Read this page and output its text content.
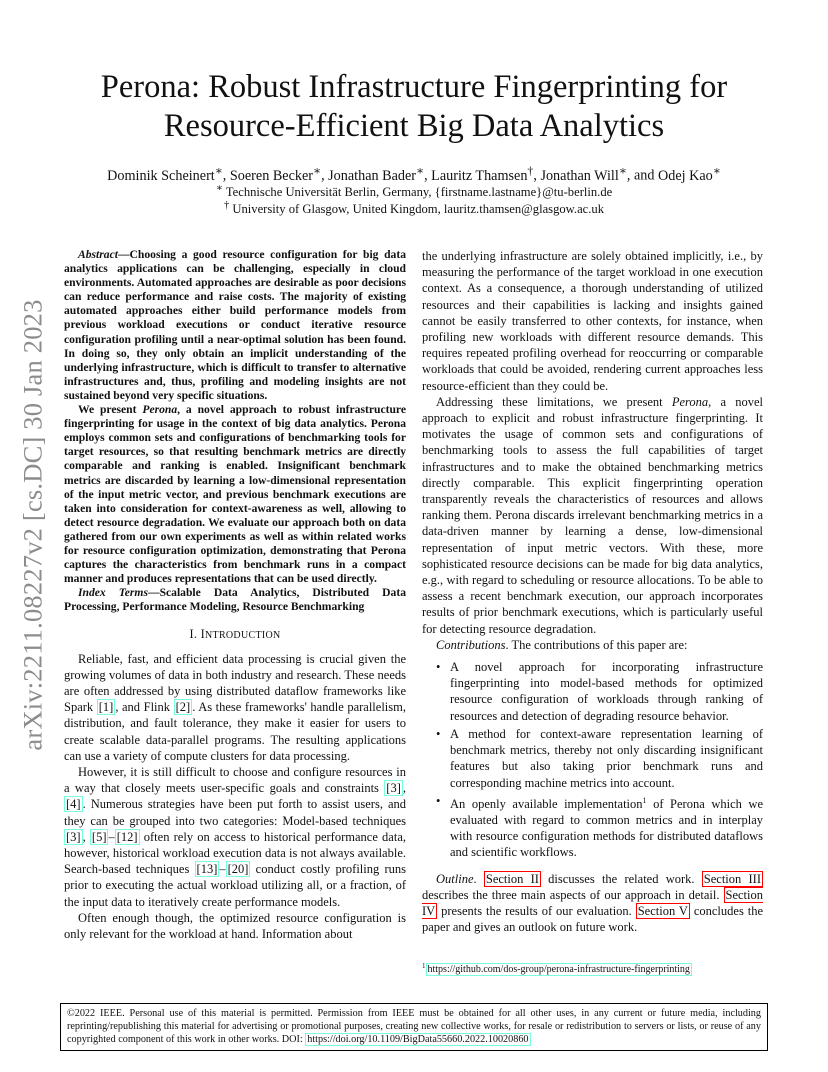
arXiv:2211.08227v2 [cs.DC] 30 Jan 2023
Perona: Robust Infrastructure Fingerprinting for
Resource-Efficient Big Data Analytics
Dominik Scheinert∗, Soeren Becker∗, Jonathan Bader∗, Lauritz Thamsen†, Jonathan Will∗, and Odej Kao∗
∗ Technische Universität Berlin, Germany, {firstname.lastname}@tu-berlin.de
† University of Glasgow, United Kingdom, lauritz.thamsen@glasgow.ac.uk

Abstract—Choosing a good resource configuration for big data analytics applications can be challenging, especially in cloud environments. Automated approaches are desirable as poor decisions can reduce performance and raise costs. The majority of existing automated approaches either build performance models from previous workload executions or conduct iterative resource configuration profiling until a near-optimal solution has been found. In doing so, they only obtain an implicit understanding of the underlying infrastructure, which is difficult to transfer to alternative infrastructures and, thus, profiling and modeling insights are not sustained beyond very specific situations.

We present Perona, a novel approach to robust infrastructure fingerprinting for usage in the context of big data analytics. Perona employs common sets and configurations of benchmarking tools for target resources, so that resulting benchmark metrics are directly comparable and ranking is enabled. Insignificant benchmark metrics are discarded by learning a low-dimensional representation of the input metric vector, and previous benchmark executions are taken into consideration for context-awareness as well, allowing to detect resource degradation. We evaluate our approach both on data gathered from our own experiments as well as within related works for resource configuration optimization, demonstrating that Perona captures the characteristics from benchmark runs in a compact manner and produces representations that can be used directly.

Index Terms—Scalable Data Analytics, Distributed Data Processing, Performance Modeling, Resource Benchmarking

I. INTRODUCTION

Reliable, fast, and efficient data processing is crucial given the growing volumes of data in both industry and research. These needs are often addressed by using distributed dataflow frameworks like Spark [1] , and Flink [2] . As these frameworks' handle parallelism, distribution, and fault tolerance, they make it easier for users to create scalable data-parallel programs. The resulting applications can use a variety of compute clusters for data processing.

However, it is still difficult to choose and configure resources in a way that closely meets user-specific goals and constraints [3] , [4] . Numerous strategies have been put forth to assist users, and they can be grouped into two categories: Model-based techniques [3] , [5] – [12] often rely on access to historical performance data, however, historical workload execution data is not always available. Search-based techniques [13] – [20] conduct costly profiling runs prior to executing the actual workload utilizing all, or a fraction, of the input data to iteratively create performance models.

Often enough though, the optimized resource configuration is only relevant for the workload at hand. Information about

the underlying infrastructure are solely obtained implicitly, i.e., by measuring the performance of the target workload in one execution context. As a consequence, a thorough understanding of utilized resources and their capabilities is lacking and insights gained cannot be easily transferred to other contexts, for instance, when profiling new workloads with different resource demands. This requires repeated profiling overhead for reoccurring or comparable workloads that could be avoided, rendering current approaches less resource-efficient than they could be.

Addressing these limitations, we present Perona, a novel approach to explicit and robust infrastructure fingerprinting. It motivates the usage of common sets and configurations of benchmarking tools to assess the full capabilities of target infrastructures and to make the obtained benchmarking metrics directly comparable. This explicit fingerprinting operation transparently reveals the characteristics of resources and allows ranking them. Perona discards irrelevant benchmarking metrics in a data-driven manner by learning a dense, low-dimensional representation of input metric vectors. With these, more sophisticated resource decisions can be made for big data analytics, e.g., with regard to scheduling or resource allocations. To be able to assess a recent benchmark execution, our approach incorporates results of prior benchmark executions, which is particularly useful for detecting resource degradation.

Contributions. The contributions of this paper are:

• A novel approach for incorporating infrastructure fingerprinting into model-based methods for optimized resource configuration of workloads through ranking of resources and detection of degrading resource behavior.
• A method for context-aware representation learning of benchmark metrics, thereby not only discarding insignificant features but also taking prior benchmark runs and corresponding machine metrics into account.
• An openly available implementation$^1$ of Perona which we evaluated with regard to common metrics and in interplay with resource configuration methods for distributed dataflows and scientific workflows.

Outline. Section II discusses the related work. Section III describes the three main aspects of our approach in detail. Section IV presents the results of our evaluation. Section V concludes the paper and gives an outlook on future work.

$^1$ https://github.com/dos-group/perona-infrastructure-fingerprinting
©2022 IEEE. Personal use of this material is permitted. Permission from IEEE must be obtained for all other uses, in any current or future media, including reprinting/republishing this material for advertising or promotional purposes, creating new collective works, for resale or redistribution to servers or lists, or reuse of any copyrighted component of this work in other works. DOI: https://doi.org/10.1109/BigData55660.2022.10020860
